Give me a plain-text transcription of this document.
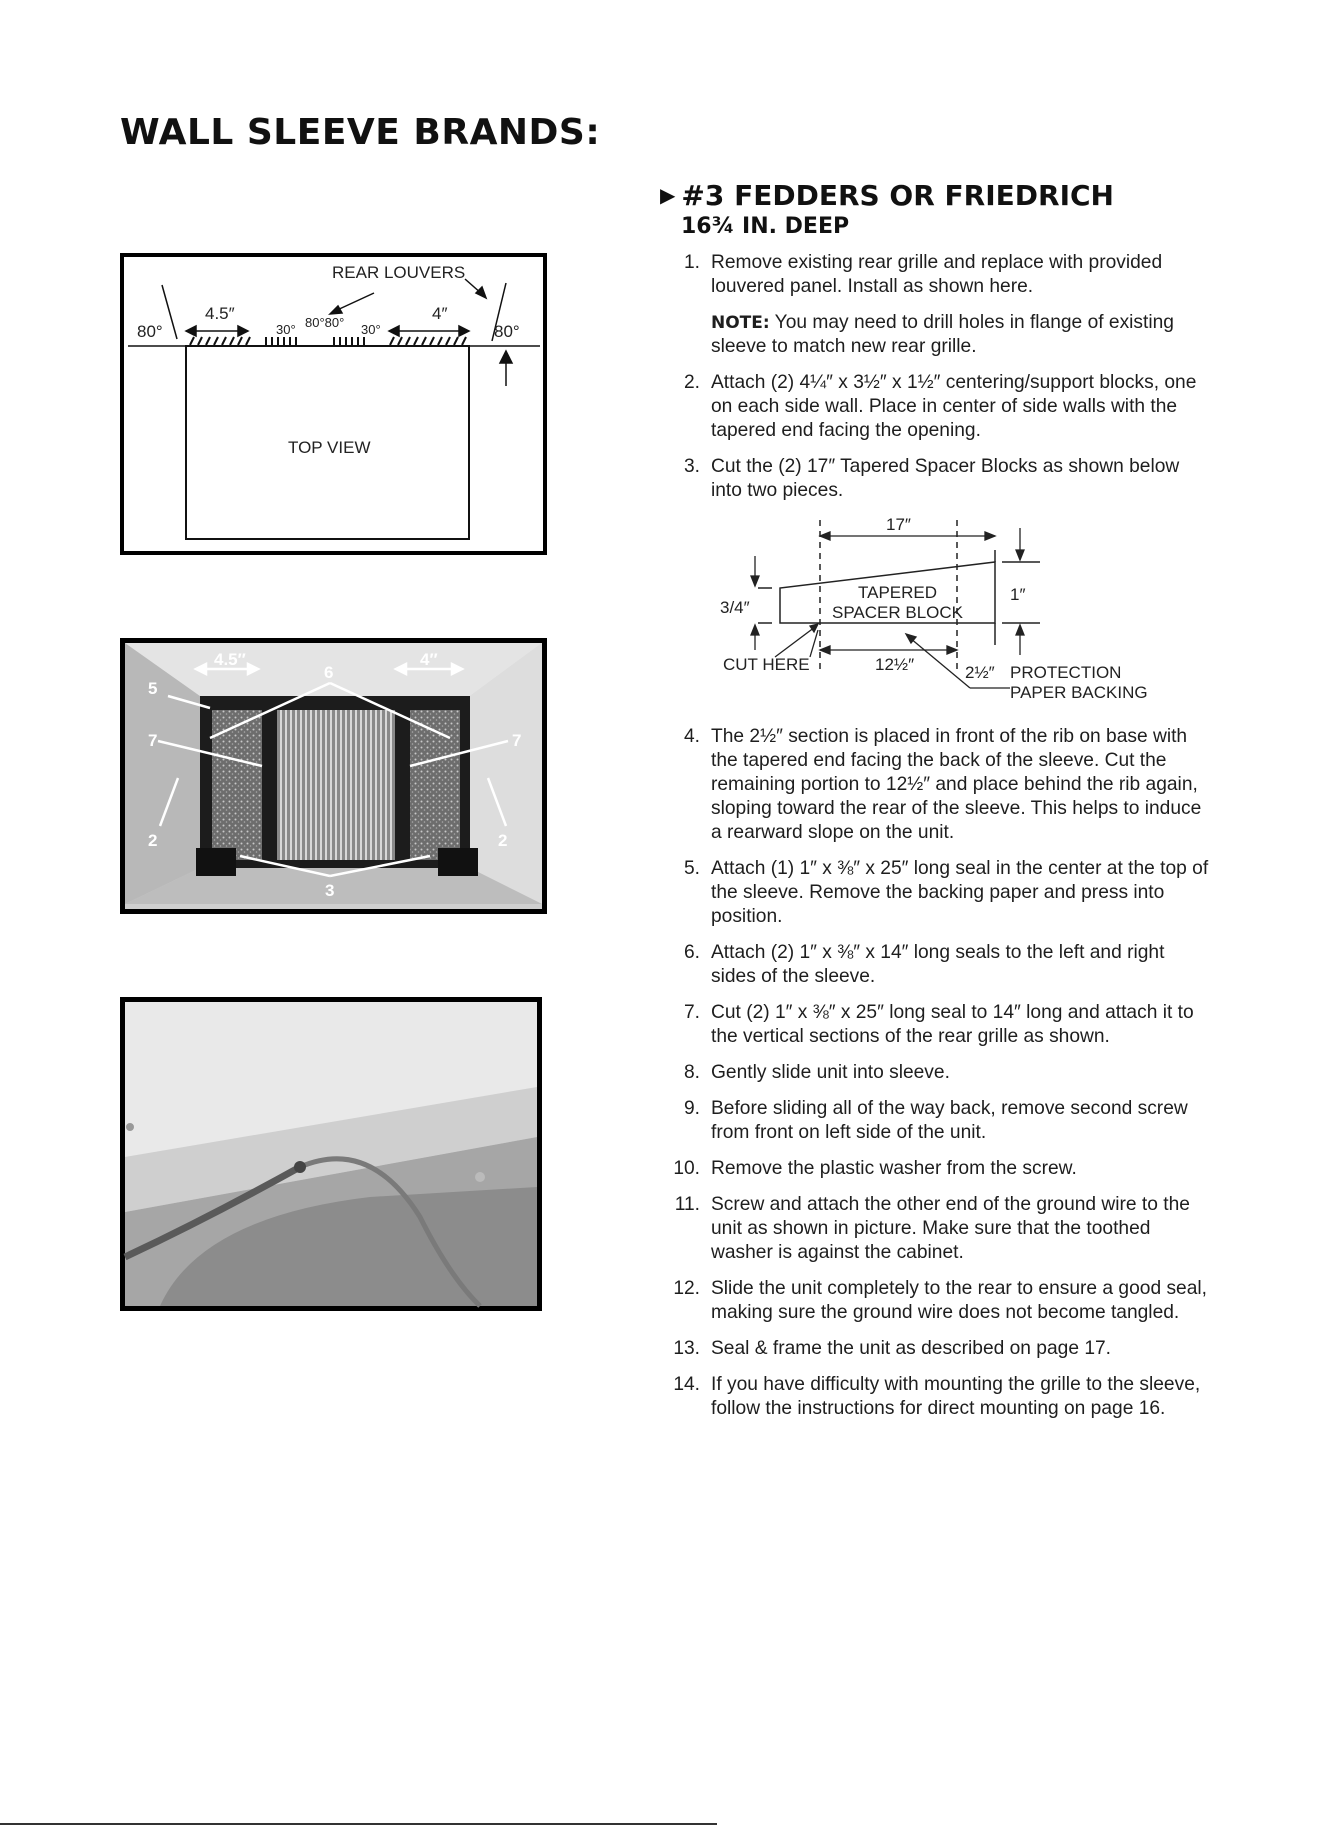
WALL SLEEVE BRANDS:
REAR LOUVERS
4.5″	4″
80°	80°
30° 80°80° 30°
TOP VIEW
4.5″	4″
6
5
7	7
2	2
3
▶ #3 FEDDERS OR FRIEDRICH
16¾ IN. DEEP
1. Remove existing rear grille and replace with provided louvered panel. Install as shown here.
NOTE: You may need to drill holes in flange of existing sleeve to match new rear grille.
2. Attach (2) 4¼″ x 3½″ x 1½″ centering/support blocks, one on each side wall. Place in center of side walls with the tapered end facing the opening.
3. Cut the (2) 17″ Tapered Spacer Blocks as shown below into two pieces.
17″
3/4″
1″
TAPERED
SPACER BLOCK
CUT HERE	12½″	2½″ PROTECTION
PAPER BACKING
4. The 2½″ section is placed in front of the rib on base with the tapered end facing the back of the sleeve. Cut the remaining portion to 12½″ and place behind the rib again, sloping toward the rear of the sleeve. This helps to induce a rearward slope on the unit.
5. Attach (1) 1″ x ⅜″ x 25″ long seal in the center at the top of the sleeve. Remove the backing paper and press into position.
6. Attach (2) 1″ x ⅜″ x 14″ long seals to the left and right sides of the sleeve.
7. Cut (2) 1″ x ⅜″ x 25″ long seal to 14″ long and attach it to the vertical sections of the rear grille as shown.
8. Gently slide unit into sleeve.
9. Before sliding all of the way back, remove second screw from front on left side of the unit.
10. Remove the plastic washer from the screw.
11. Screw and attach the other end of the ground wire to the unit as shown in picture. Make sure that the toothed washer is against the cabinet.
12. Slide the unit completely to the rear to ensure a good seal, making sure the ground wire does not become tangled.
13. Seal & frame the unit as described on page 17.
14. If you have difficulty with mounting the grille to the sleeve, follow the instructions for direct mounting on page 16.
